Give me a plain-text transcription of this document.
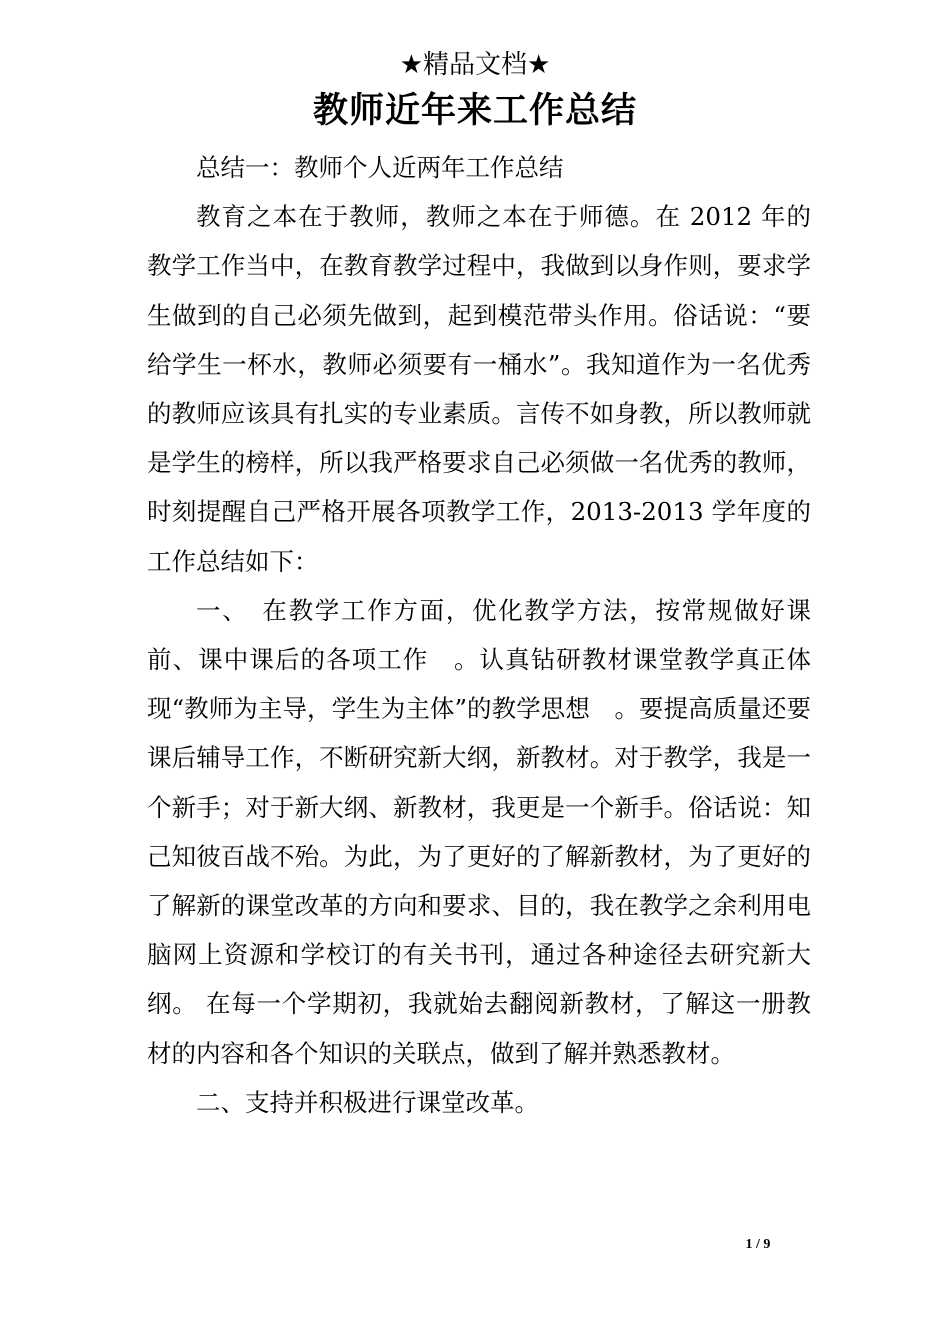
★精品文档★
教师近年来工作总结

总结一：教师个人近两年工作总结

教育之本在于教师，教师之本在于师德。在 2012 年的教学工作当中，在教育教学过程中，我做到以身作则，要求学生做到的自己必须先做到，起到模范带头作用。俗话说：“要给学生一杯水，教师必须要有一桶水”。我知道作为一名优秀的教师应该具有扎实的专业素质。言传不如身教，所以教师就是学生的榜样，所以我严格要求自己必须做一名优秀的教师，时刻提醒自己严格开展各项教学工作，2013-2013 学年度的工作总结如下：

一、　在教学工作方面，优化教学方法，按常规做好课前、课中课后的各项工作　。认真钻研教材课堂教学真正体现“教师为主导，学生为主体”的教学思想　。要提高质量还要课后辅导工作，不断研究新大纲，新教材。对于教学，我是一个新手；对于新大纲、新教材，我更是一个新手。俗话说：知己知彼百战不殆。为此，为了更好的了解新教材，为了更好的了解新的课堂改革的方向和要求、目的，我在教学之余利用电脑网上资源和学校订的有关书刊，通过各种途径去研究新大纲。 在每一个学期初，我就始去翻阅新教材，了解这一册教材的内容和各个知识的关联点，做到了解并熟悉教材。

二、支持并积极进行课堂改革。

1 / 9
